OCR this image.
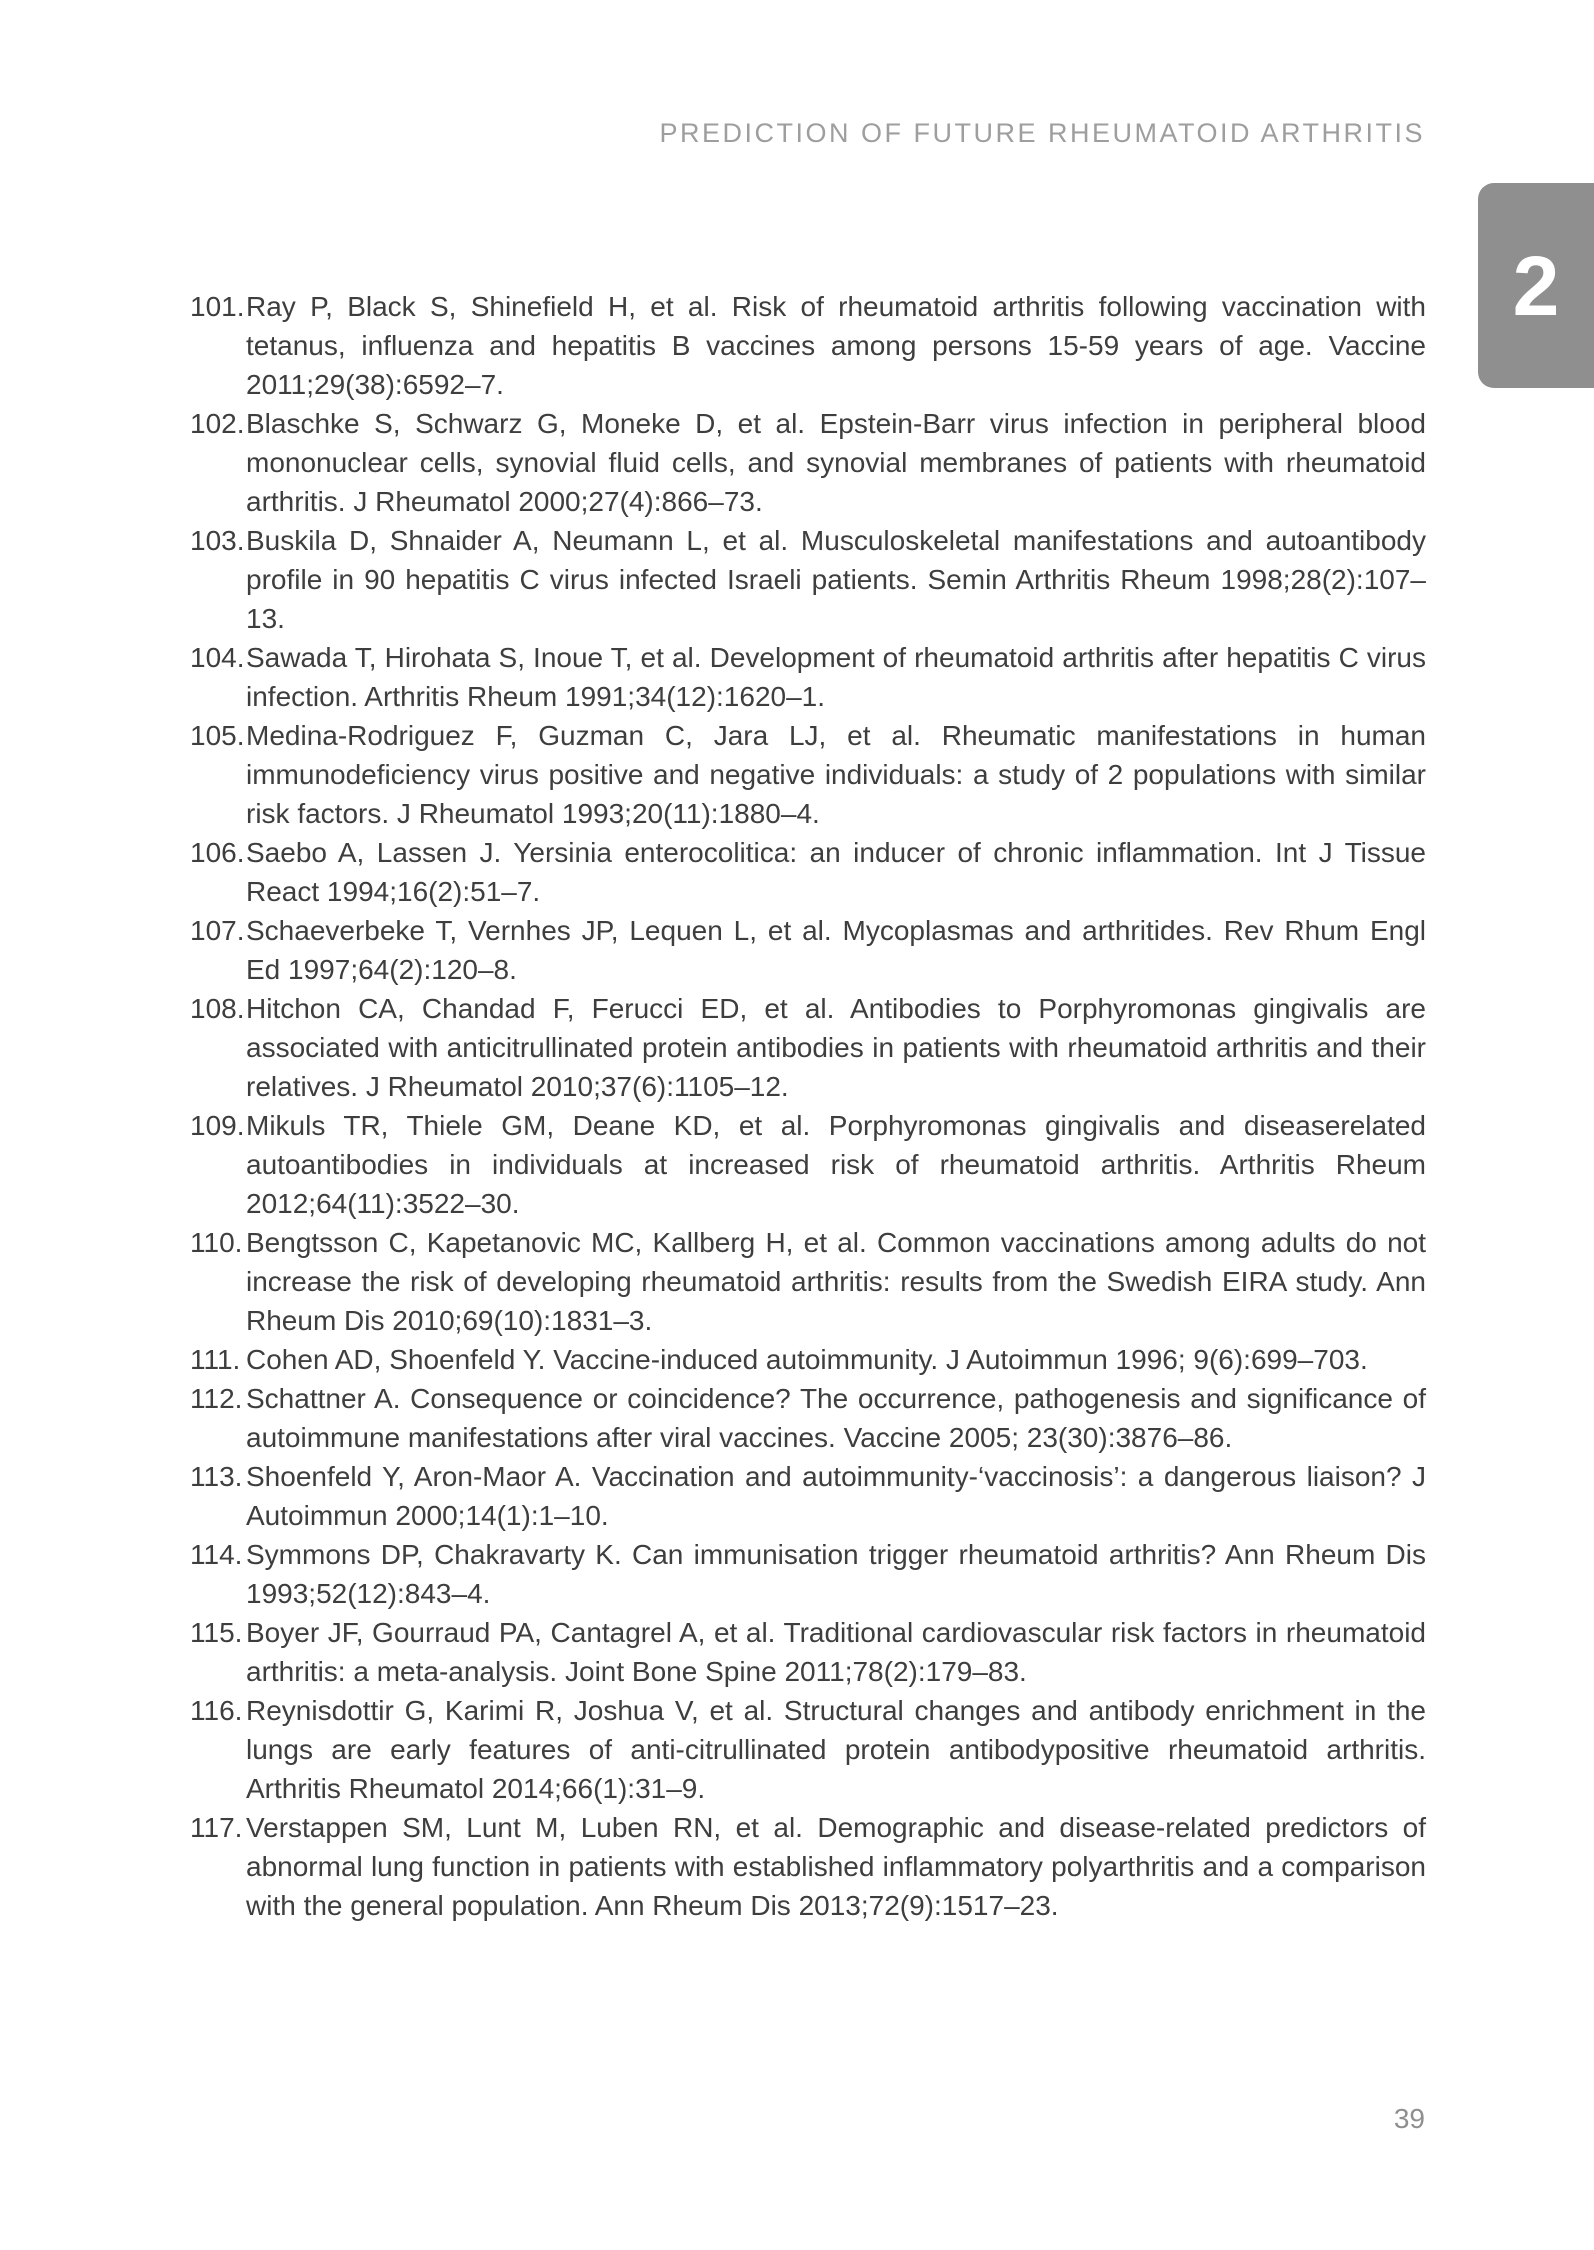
PREDICTION OF FUTURE RHEUMATOID ARTHRITIS
2
101. Ray P, Black S, Shinefield H, et al. Risk of rheumatoid arthritis following vaccination with tetanus, influenza and hepatitis B vaccines among persons 15-59 years of age. Vaccine 2011;29(38):6592–7.
102. Blaschke S, Schwarz G, Moneke D, et al. Epstein-Barr virus infection in peripheral blood mononuclear cells, synovial fluid cells, and synovial membranes of patients with rheumatoid arthritis. J Rheumatol 2000;27(4):866–73.
103. Buskila D, Shnaider A, Neumann L, et al. Musculoskeletal manifestations and autoantibody profile in 90 hepatitis C virus infected Israeli patients. Semin Arthritis Rheum 1998;28(2):107–13.
104. Sawada T, Hirohata S, Inoue T, et al. Development of rheumatoid arthritis after hepatitis C virus infection. Arthritis Rheum 1991;34(12):1620–1.
105. Medina-Rodriguez F, Guzman C, Jara LJ, et al. Rheumatic manifestations in human immunodeficiency virus positive and negative individuals: a study of 2 populations with similar risk factors. J Rheumatol 1993;20(11):1880–4.
106. Saebo A, Lassen J. Yersinia enterocolitica: an inducer of chronic inflammation. Int J Tissue React 1994;16(2):51–7.
107. Schaeverbeke T, Vernhes JP, Lequen L, et al. Mycoplasmas and arthritides. Rev Rhum Engl Ed 1997;64(2):120–8.
108. Hitchon CA, Chandad F, Ferucci ED, et al. Antibodies to Porphyromonas gingivalis are associated with anticitrullinated protein antibodies in patients with rheumatoid arthritis and their relatives. J Rheumatol 2010;37(6):1105–12.
109. Mikuls TR, Thiele GM, Deane KD, et al. Porphyromonas gingivalis and diseaserelated autoantibodies in individuals at increased risk of rheumatoid arthritis. Arthritis Rheum 2012;64(11):3522–30.
110. Bengtsson C, Kapetanovic MC, Kallberg H, et al. Common vaccinations among adults do not increase the risk of developing rheumatoid arthritis: results from the Swedish EIRA study. Ann Rheum Dis 2010;69(10):1831–3.
111. Cohen AD, Shoenfeld Y. Vaccine-induced autoimmunity. J Autoimmun 1996; 9(6):699–703.
112. Schattner A. Consequence or coincidence? The occurrence, pathogenesis and significance of autoimmune manifestations after viral vaccines. Vaccine 2005; 23(30):3876–86.
113. Shoenfeld Y, Aron-Maor A. Vaccination and autoimmunity-‘vaccinosis’: a dangerous liaison? J Autoimmun 2000;14(1):1–10.
114. Symmons DP, Chakravarty K. Can immunisation trigger rheumatoid arthritis? Ann Rheum Dis 1993;52(12):843–4.
115. Boyer JF, Gourraud PA, Cantagrel A, et al. Traditional cardiovascular risk factors in rheumatoid arthritis: a meta-analysis. Joint Bone Spine 2011;78(2):179–83.
116. Reynisdottir G, Karimi R, Joshua V, et al. Structural changes and antibody enrichment in the lungs are early features of anti-citrullinated protein antibodypositive rheumatoid arthritis. Arthritis Rheumatol 2014;66(1):31–9.
117. Verstappen SM, Lunt M, Luben RN, et al. Demographic and disease-related predictors of abnormal lung function in patients with established inflammatory polyarthritis and a comparison with the general population. Ann Rheum Dis 2013;72(9):1517–23.
39
